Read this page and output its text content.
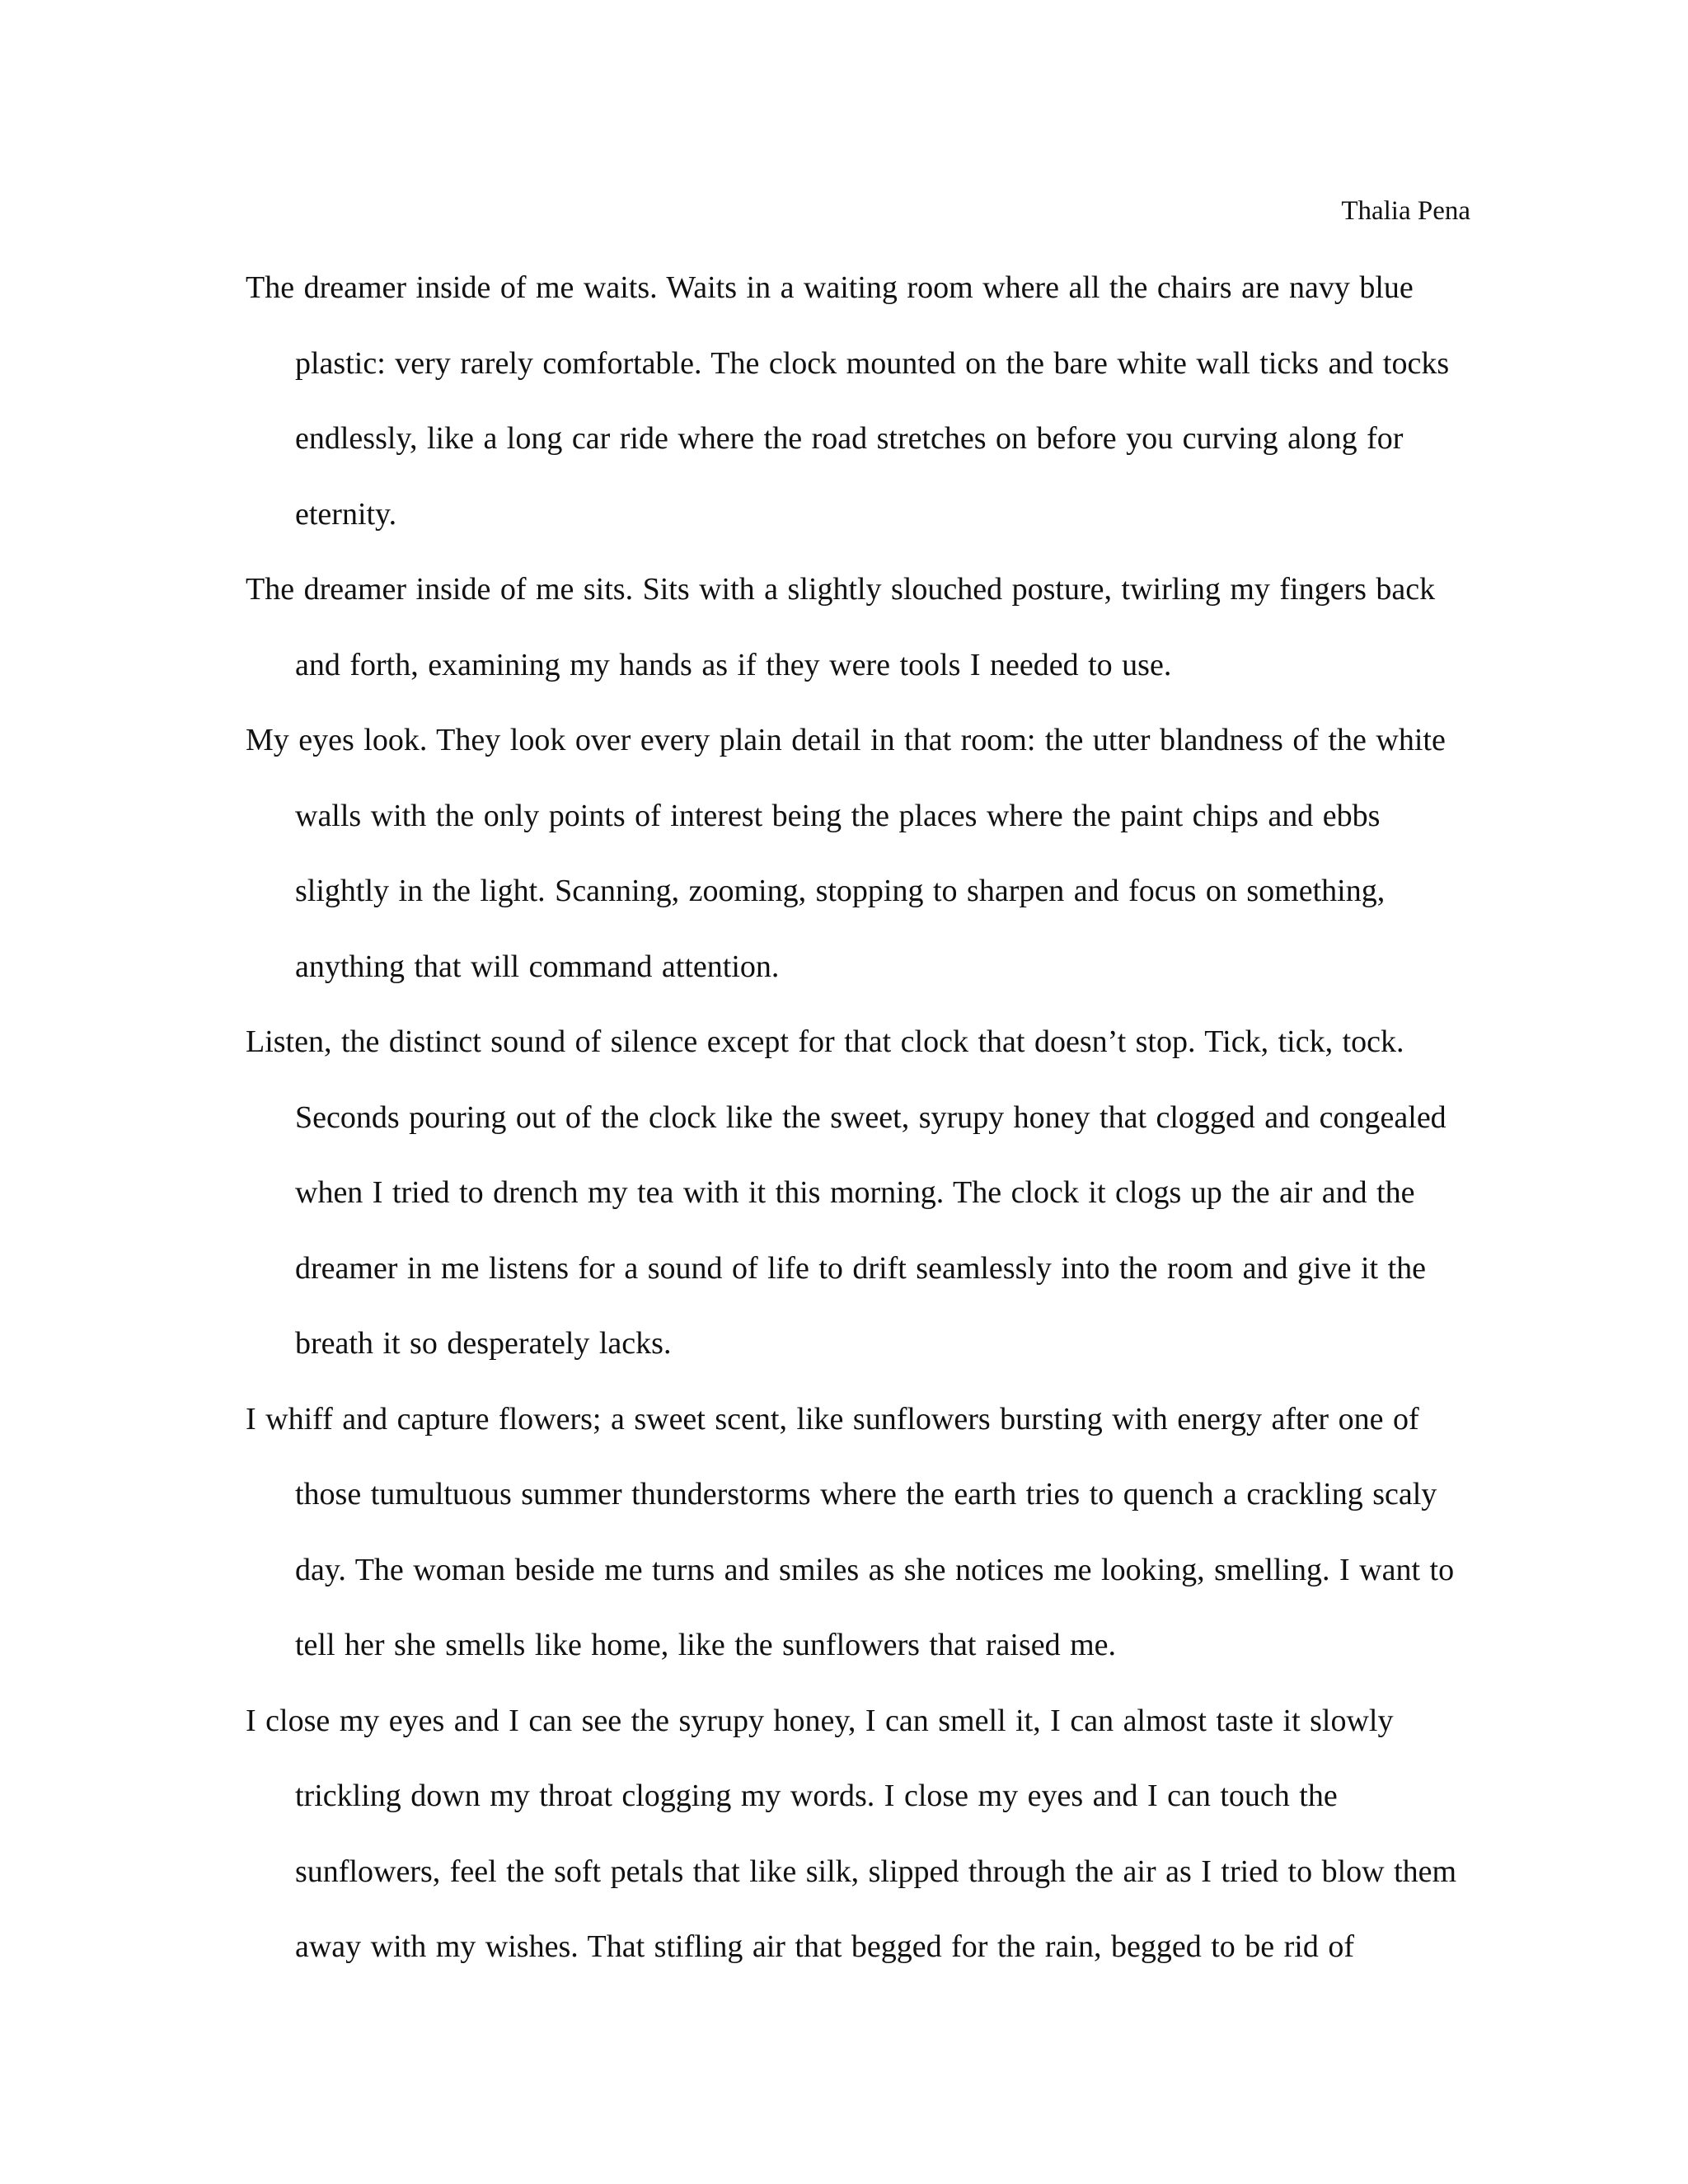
Thalia Pena

The dreamer inside of me waits. Waits in a waiting room where all the chairs are navy blue plastic: very rarely comfortable. The clock mounted on the bare white wall ticks and tocks endlessly, like a long car ride where the road stretches on before you curving along for eternity.

The dreamer inside of me sits. Sits with a slightly slouched posture, twirling my fingers back and forth, examining my hands as if they were tools I needed to use.

My eyes look. They look over every plain detail in that room: the utter blandness of the white walls with the only points of interest being the places where the paint chips and ebbs slightly in the light. Scanning, zooming, stopping to sharpen and focus on something, anything that will command attention.

Listen, the distinct sound of silence except for that clock that doesn’t stop. Tick, tick, tock. Seconds pouring out of the clock like the sweet, syrupy honey that clogged and congealed when I tried to drench my tea with it this morning. The clock it clogs up the air and the dreamer in me listens for a sound of life to drift seamlessly into the room and give it the breath it so desperately lacks.

I whiff and capture flowers; a sweet scent, like sunflowers bursting with energy after one of those tumultuous summer thunderstorms where the earth tries to quench a crackling scaly day. The woman beside me turns and smiles as she notices me looking, smelling. I want to tell her she smells like home, like the sunflowers that raised me.

I close my eyes and I can see the syrupy honey, I can smell it, I can almost taste it slowly trickling down my throat clogging my words. I close my eyes and I can touch the sunflowers, feel the soft petals that like silk, slipped through the air as I tried to blow them away with my wishes. That stifling air that begged for the rain, begged to be rid of
